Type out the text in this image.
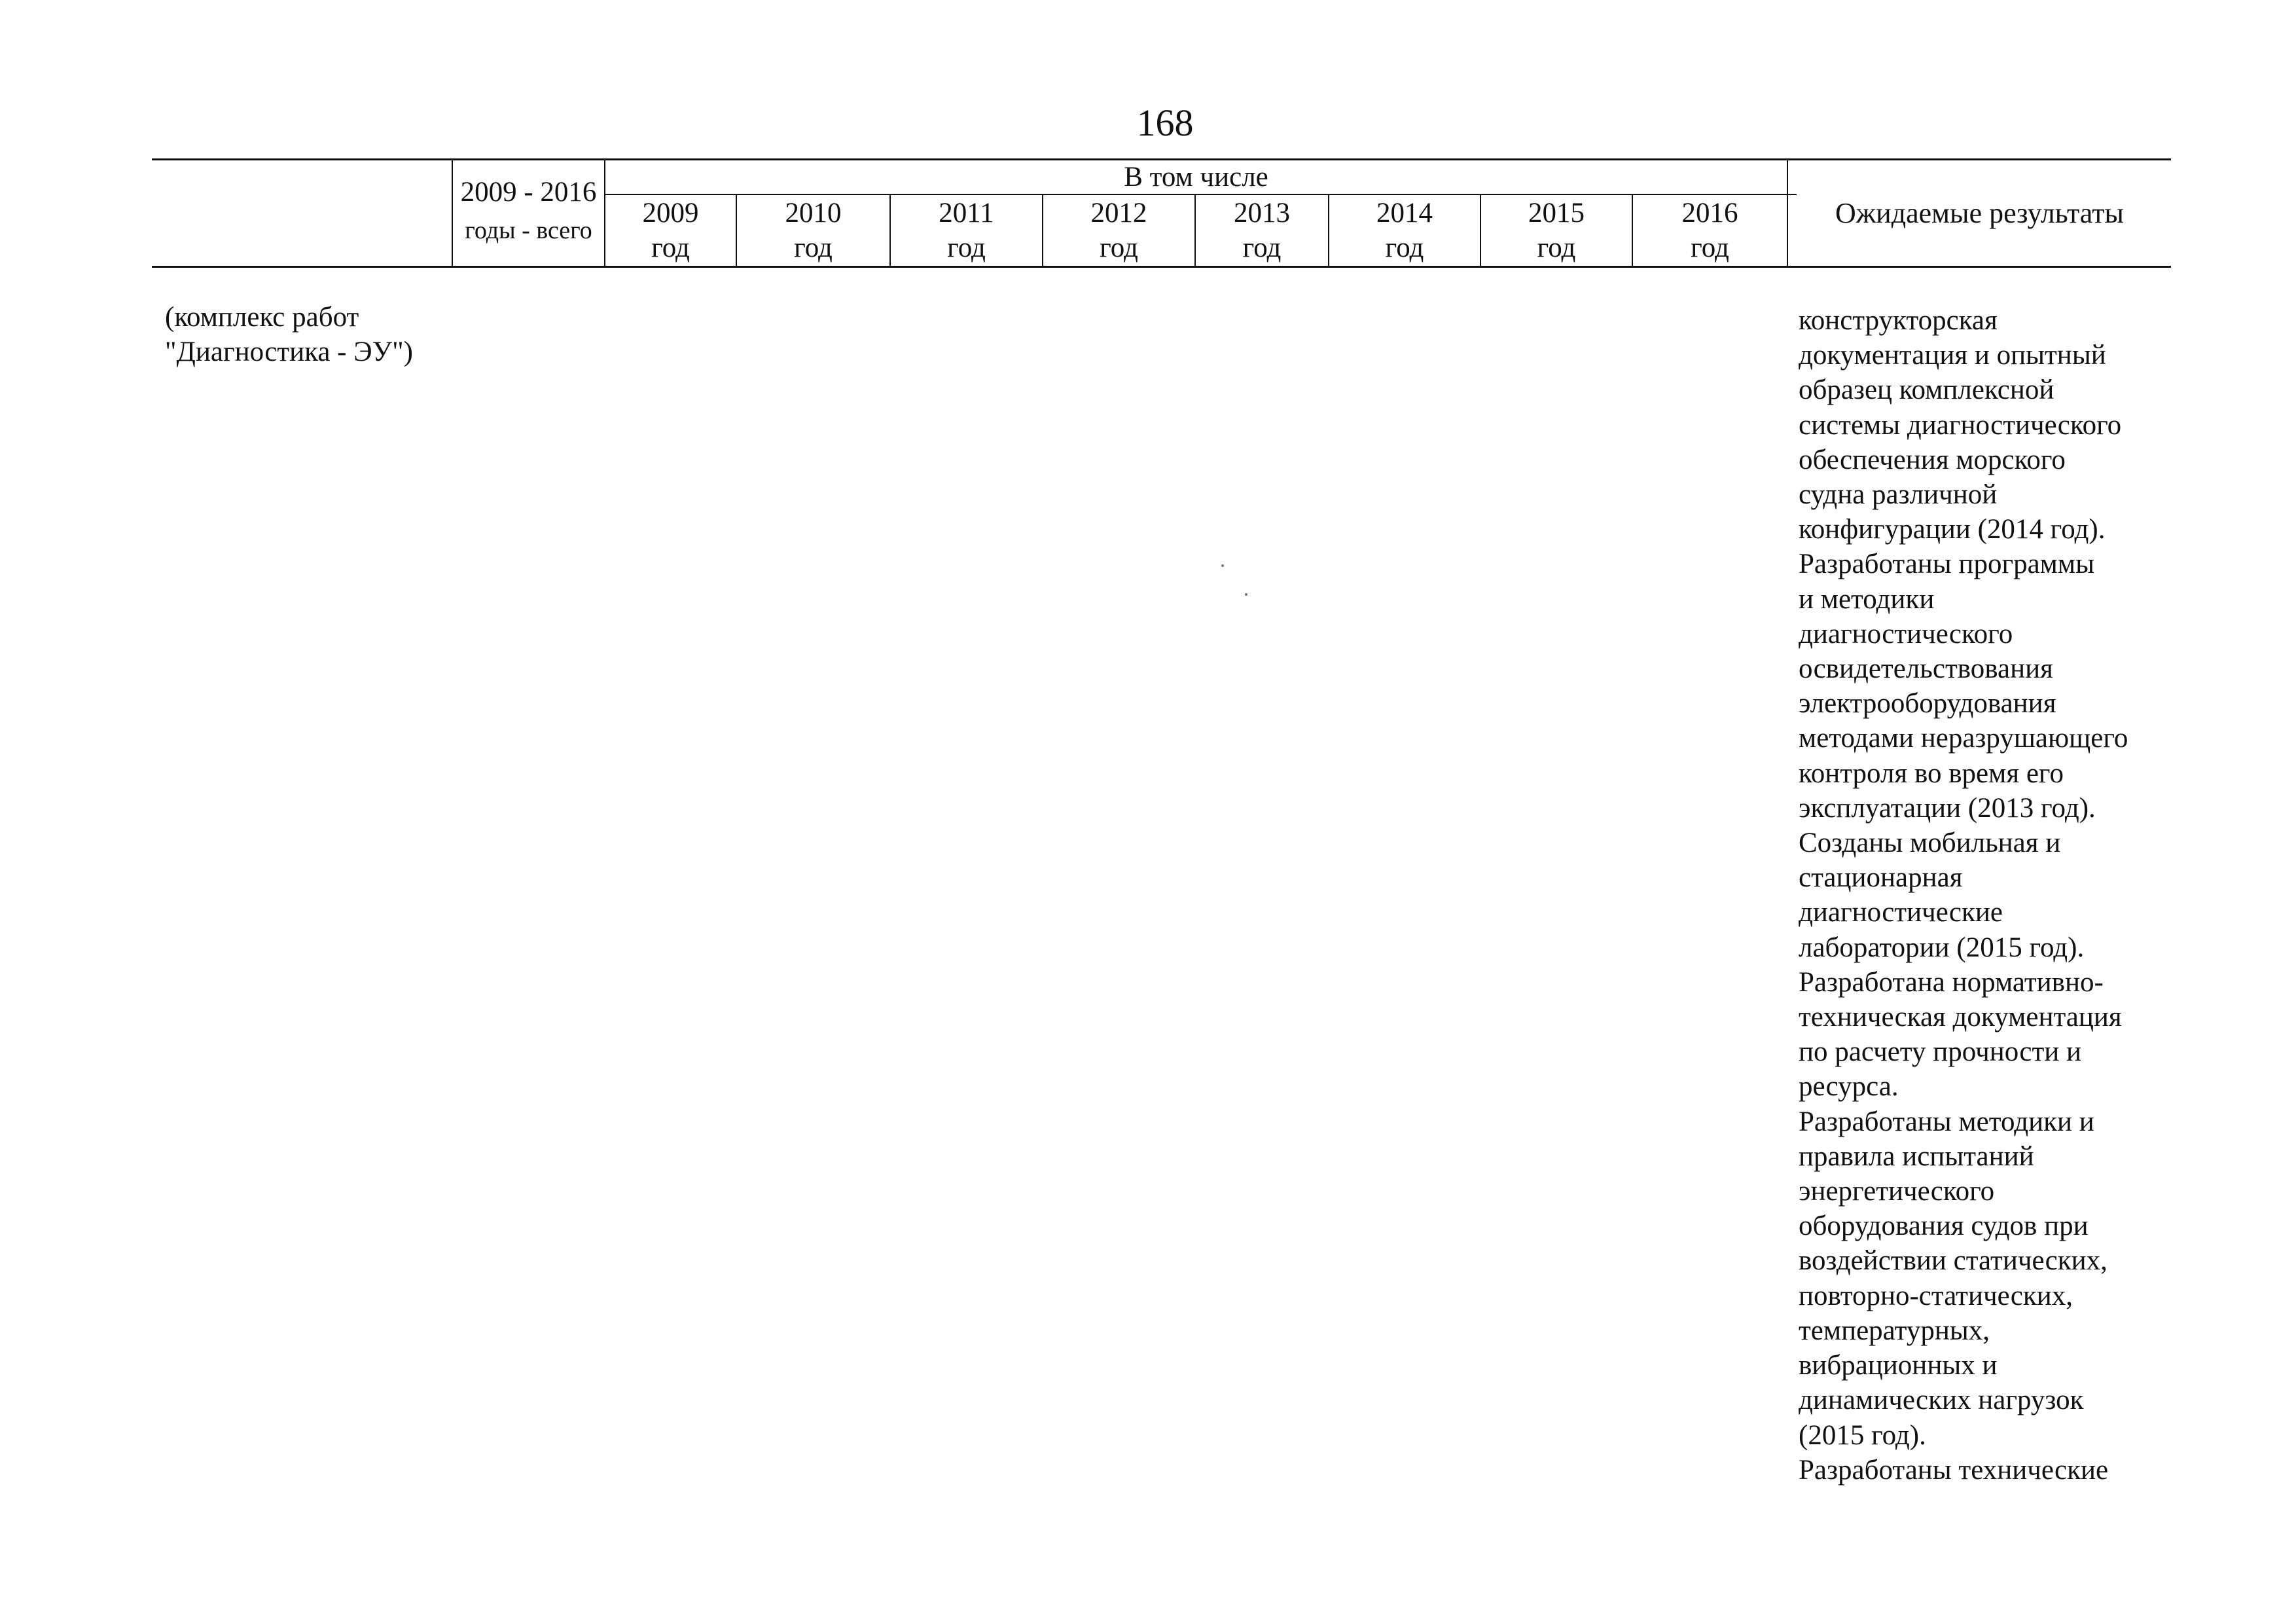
168
2009 - 2016
годы - всего
В том числе
2009
год
2010
год
2011
год
2012
год
2013
год
2014
год
2015
год
2016
год
Ожидаемые результаты
(комплекс работ
"Диагностика - ЭУ")
конструкторская
документация и опытный
образец комплексной
системы диагностического
обеспечения морского
судна различной
конфигурации (2014 год).
Разработаны программы
и методики
диагностического
освидетельствования
электрооборудования
методами неразрушающего
контроля во время его
эксплуатации (2013 год).
Созданы мобильная и
стационарная
диагностические
лаборатории (2015 год).
Разработана нормативно-
техническая документация
по расчету прочности и
ресурса.
Разработаны методики и
правила испытаний
энергетического
оборудования судов при
воздействии статических,
повторно-статических,
температурных,
вибрационных и
динамических нагрузок
(2015 год).
Разработаны технические
